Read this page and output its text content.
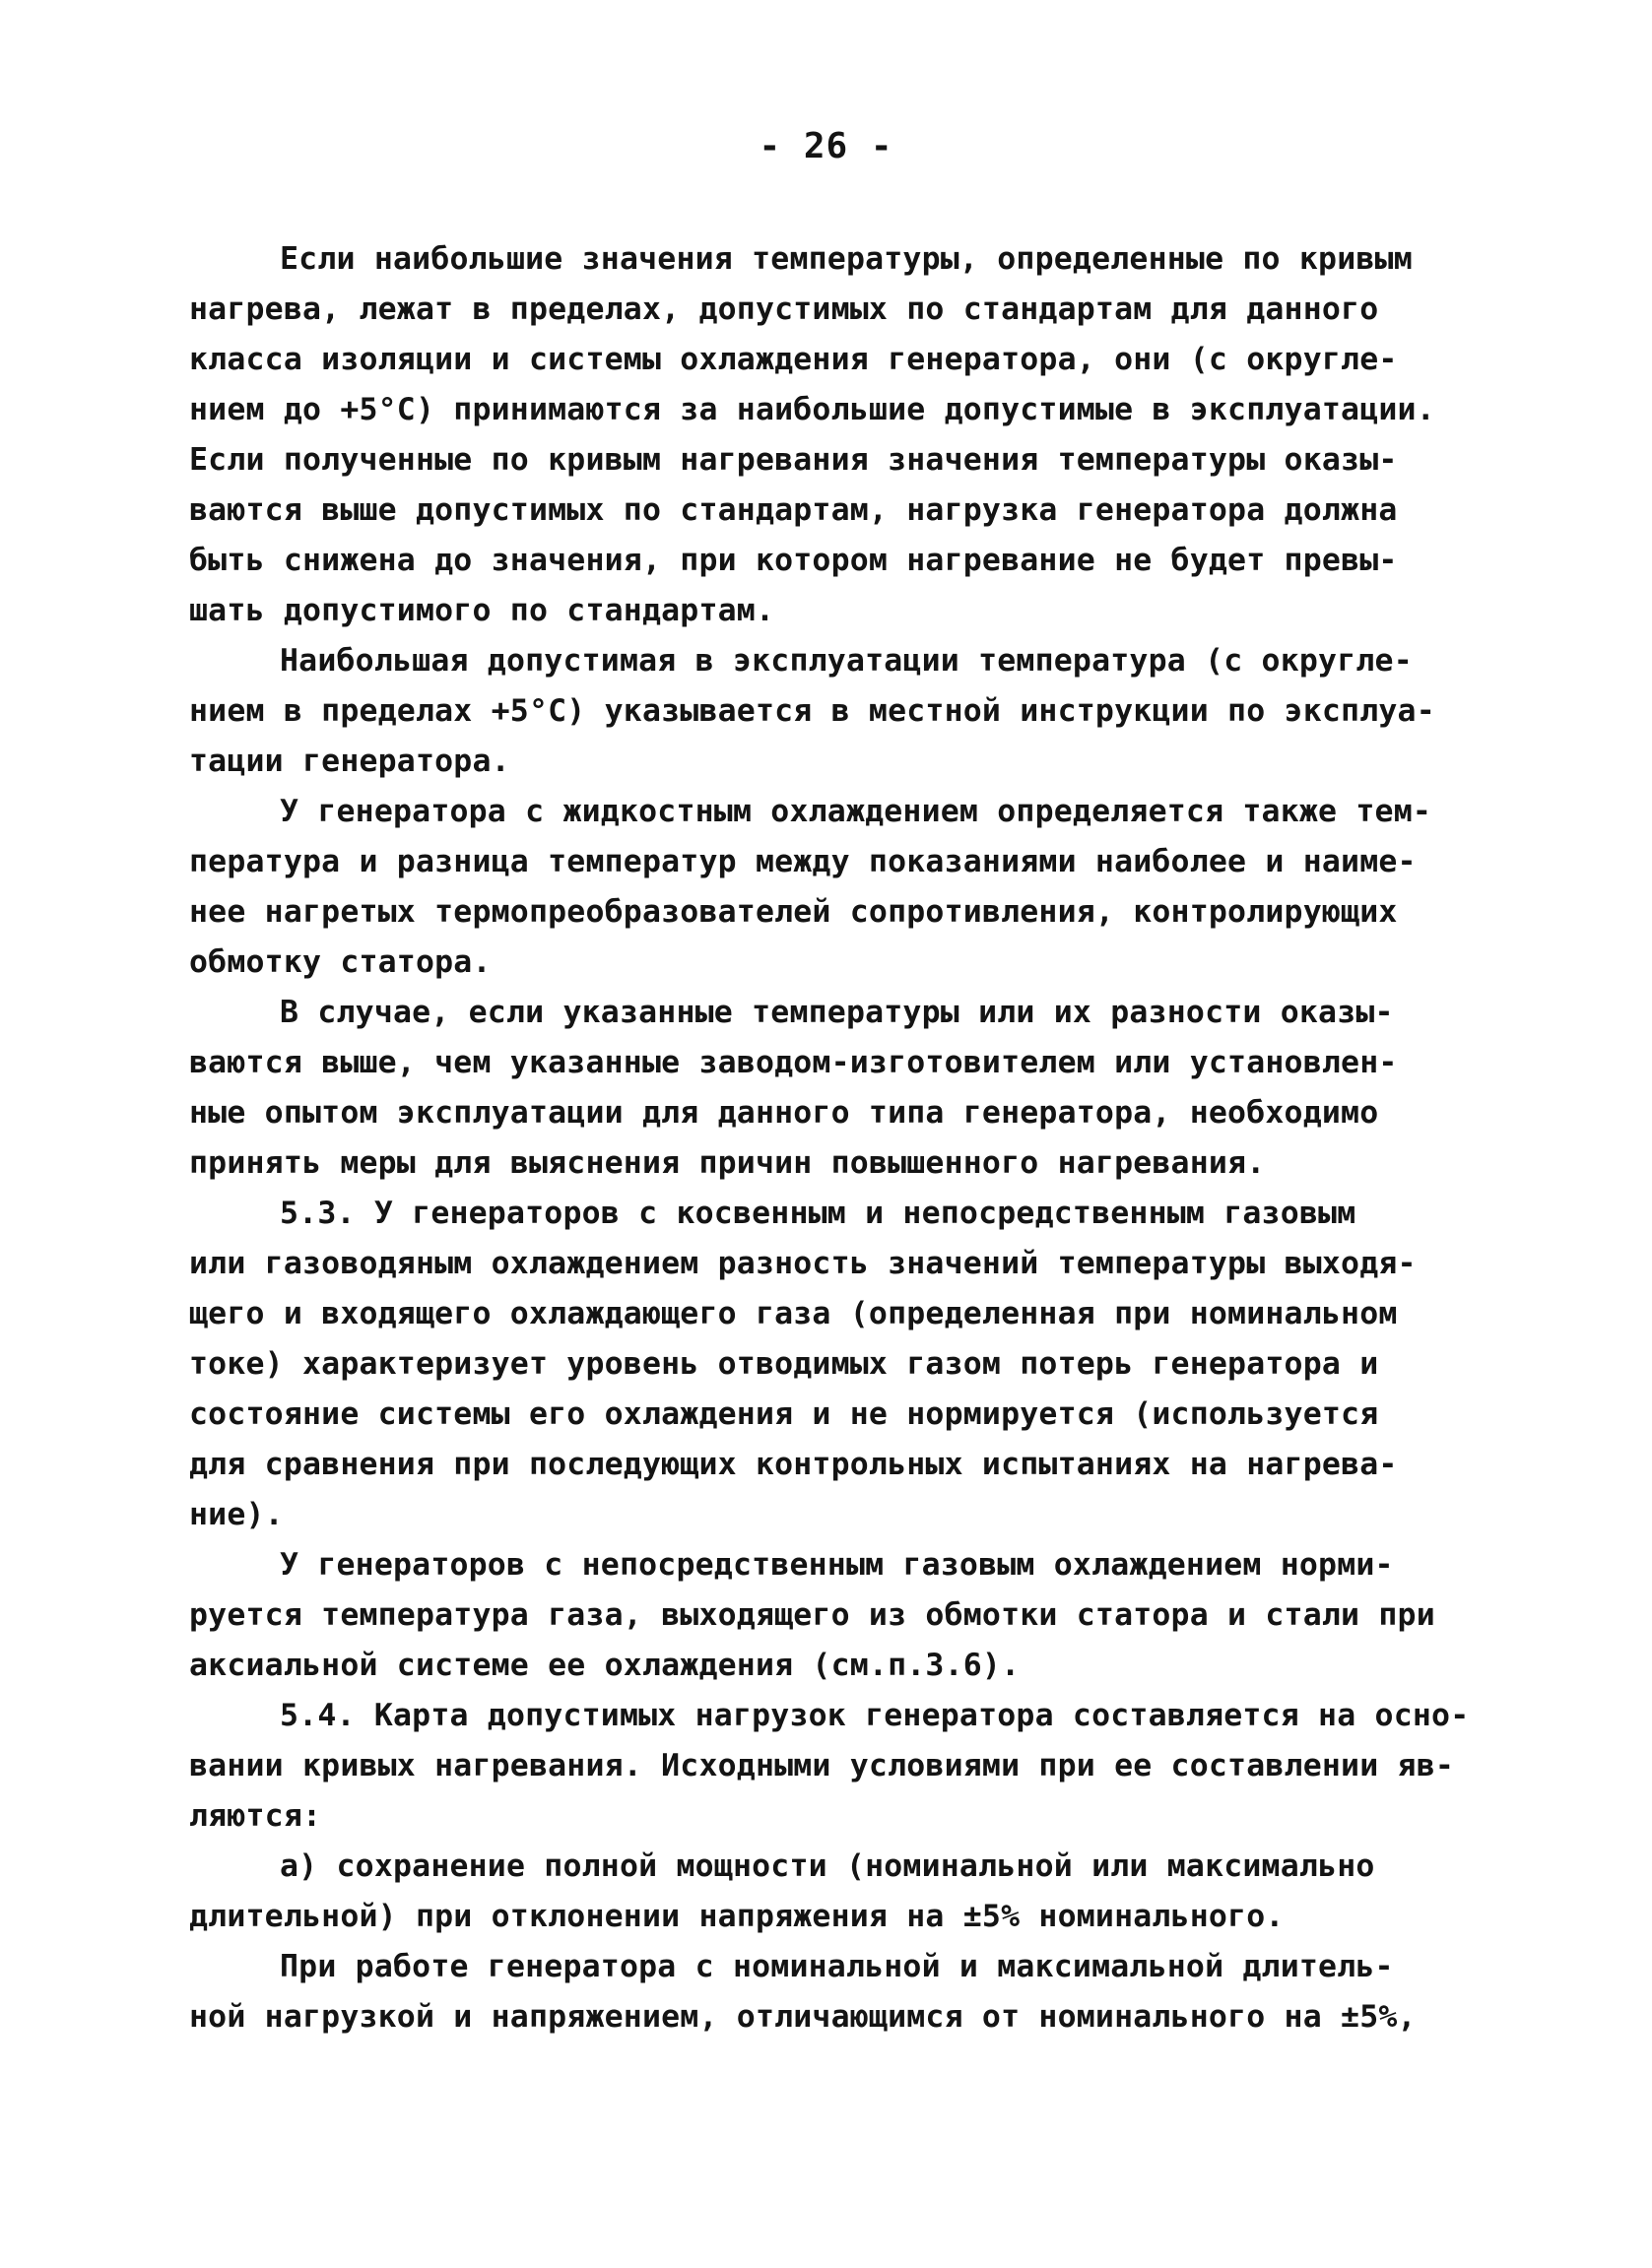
- 26 -
Если наибольшие значения температуры, определенные по кривым
нагрева, лежат в пределах, допустимых по стандартам для данного
класса изоляции и системы охлаждения генератора, они (с округле-
нием до +5°С) принимаются за наибольшие допустимые в эксплуатации.
Если полученные по кривым нагревания значения температуры оказы-
ваются выше допустимых по стандартам, нагрузка генератора должна
быть снижена до значения, при котором нагревание не будет превы-
шать допустимого по стандартам.
Наибольшая допустимая в эксплуатации температура (с округле-
нием в пределах +5°С) указывается в местной инструкции по эксплуа-
тации генератора.
У генератора с жидкостным охлаждением определяется также тем-
пература и разница температур между показаниями наиболее и наиме-
нее нагретых термопреобразователей сопротивления, контролирующих
обмотку статора.
В случае, если указанные температуры или их разности оказы-
ваются выше, чем указанные заводом-изготовителем или установлен-
ные опытом эксплуатации для данного типа генератора, необходимо
принять меры для выяснения причин повышенного нагревания.
5.3. У генераторов с косвенным и непосредственным газовым
или газоводяным охлаждением разность значений температуры выходя-
щего и входящего охлаждающего газа (определенная при номинальном
токе) характеризует уровень отводимых газом потерь генератора и
состояние системы его охлаждения и не нормируется (используется
для сравнения при последующих контрольных испытаниях на нагрева-
ние).
У генераторов с непосредственным газовым охлаждением норми-
руется температура газа, выходящего из обмотки статора и стали при
аксиальной системе ее охлаждения (см.п.3.6).
5.4. Карта допустимых нагрузок генератора составляется на осно-
вании кривых нагревания. Исходными условиями при ее составлении яв-
ляются:
а) сохранение полной мощности (номинальной или максимально
длительной) при отклонении напряжения на ±5% номинального.
При работе генератора с номинальной и максимальной длитель-
ной нагрузкой и напряжением, отличающимся от номинального на ±5%,
